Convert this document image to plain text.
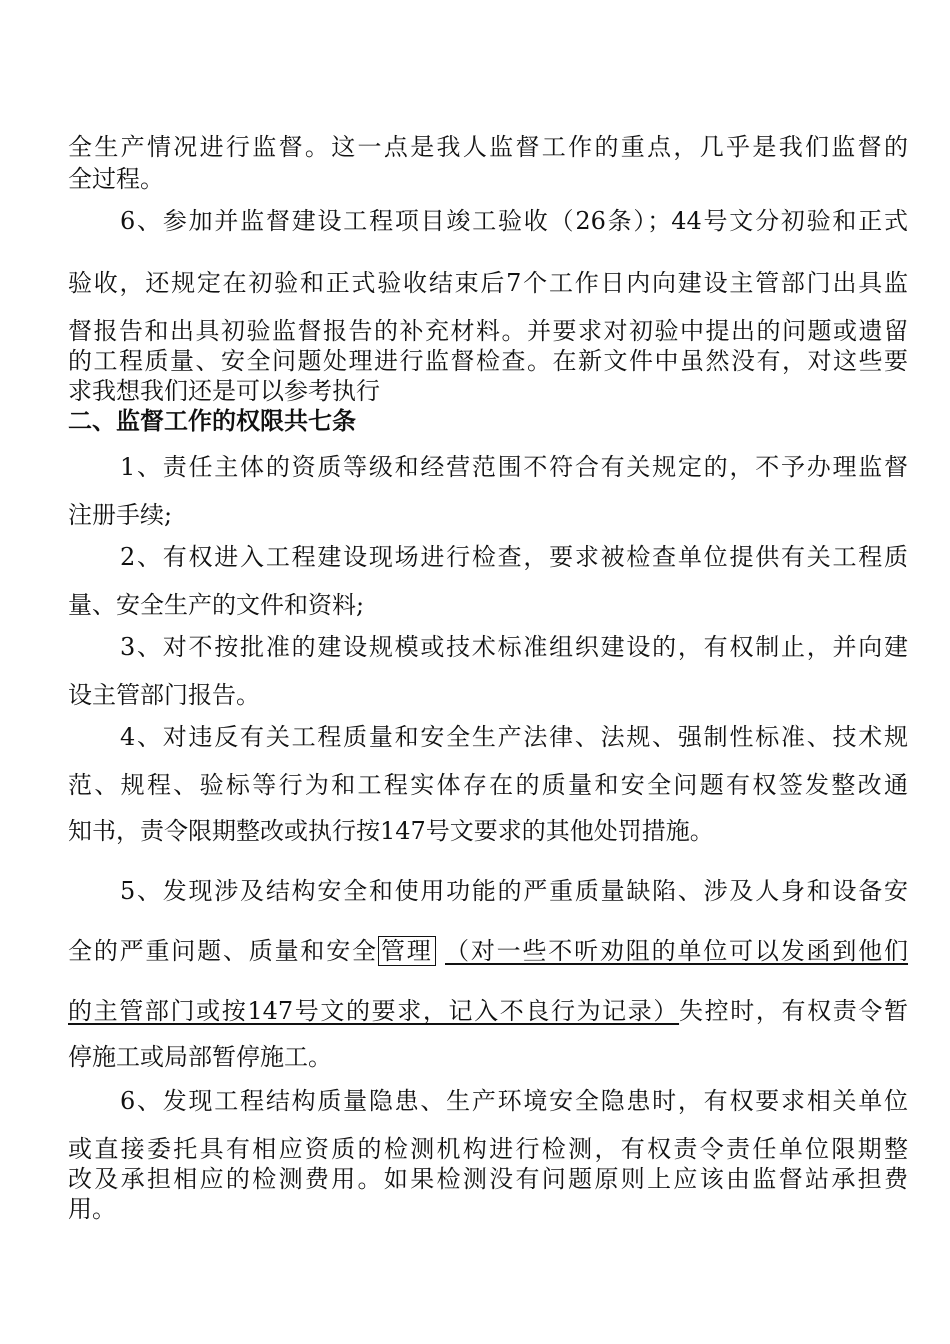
全生产情况进行监督。这一点是我人监督工作的重点，几乎是我们监督的
全过程。
6、参加并监督建设工程项目竣工验收（26条）；44号文分初验和正式
验收，还规定在初验和正式验收结束后7个工作日内向建设主管部门出具监
督报告和出具初验监督报告的补充材料。并要求对初验中提出的问题或遗留
的工程质量、安全问题处理进行监督检查。在新文件中虽然没有，对这些要
求我想我们还是可以参考执行
二、监督工作的权限共七条
1、责任主体的资质等级和经营范围不符合有关规定的，不予办理监督
注册手续;
2、有权进入工程建设现场进行检查，要求被检查单位提供有关工程质
量、安全生产的文件和资料;
3、对不按批准的建设规模或技术标准组织建设的，有权制止，并向建
设主管部门报告。
4、对违反有关工程质量和安全生产法律、法规、强制性标准、技术规
范、规程、验标等行为和工程实体存在的质量和安全问题有权签发整改通
知书，责令限期整改或执行按147号文要求的其他处罚措施。
5、发现涉及结构安全和使用功能的严重质量缺陷、涉及人身和设备安
全的严重问题、质量和安全 管理 （对一些不听劝阻的单位可以发函到他们
的主管部门或按147号文的要求，记入不良行为记录）失控时，有权责令暂
停施工或局部暂停施工。
6、发现工程结构质量隐患、生产环境安全隐患时，有权要求相关单位
或直接委托具有相应资质的检测机构进行检测，有权责令责任单位限期整
改及承担相应的检测费用。如果检测没有问题原则上应该由监督站承担费
用。
